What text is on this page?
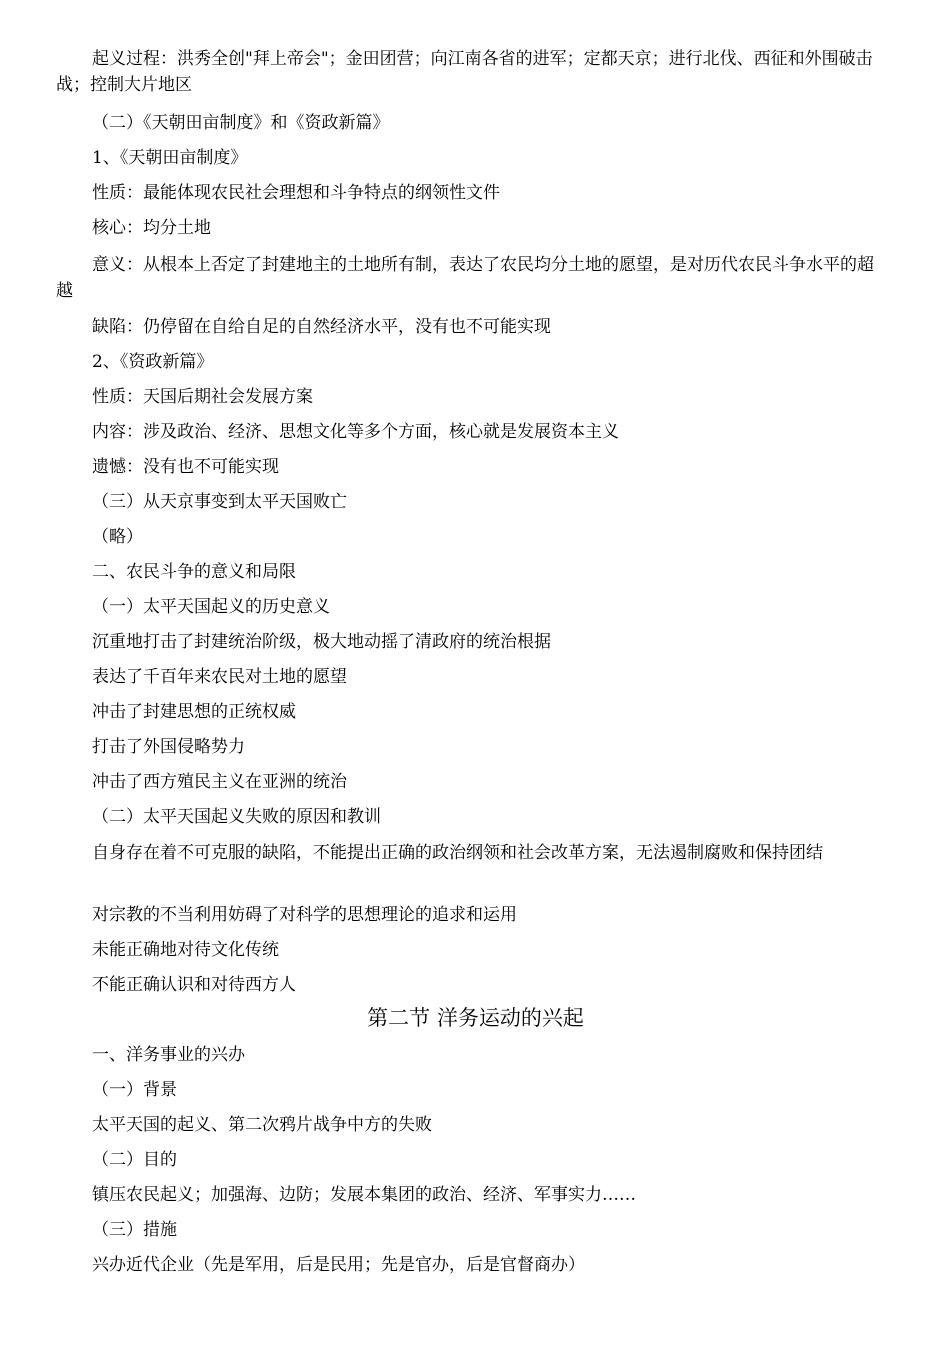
起义过程：洪秀全创"拜上帝会"；金田团营；向江南各省的进军；定都天京；进行北伐、西征和外围破击战；控制大片地区
（二）《天朝田亩制度》和《资政新篇》
1、《天朝田亩制度》
性质：最能体现农民社会理想和斗争特点的纲领性文件
核心：均分土地
意义：从根本上否定了封建地主的土地所有制，表达了农民均分土地的愿望，是对历代农民斗争水平的超越
缺陷：仍停留在自给自足的自然经济水平，没有也不可能实现
2、《资政新篇》
性质：天国后期社会发展方案
内容：涉及政治、经济、思想文化等多个方面，核心就是发展资本主义
遗憾：没有也不可能实现
（三）从天京事变到太平天国败亡
（略）
二、农民斗争的意义和局限
（一）太平天国起义的历史意义
沉重地打击了封建统治阶级，极大地动摇了清政府的统治根据
表达了千百年来农民对土地的愿望
冲击了封建思想的正统权威
打击了外国侵略势力
冲击了西方殖民主义在亚洲的统治
（二）太平天国起义失败的原因和教训
自身存在着不可克服的缺陷，不能提出正确的政治纲领和社会改革方案，无法遏制腐败和保持团结
对宗教的不当利用妨碍了对科学的思想理论的追求和运用
未能正确地对待文化传统
不能正确认识和对待西方人
第二节 洋务运动的兴起
一、洋务事业的兴办
（一）背景
太平天国的起义、第二次鸦片战争中方的失败
（二）目的
镇压农民起义；加强海、边防；发展本集团的政治、经济、军事实力……
（三）措施
兴办近代企业（先是军用，后是民用；先是官办，后是官督商办）
